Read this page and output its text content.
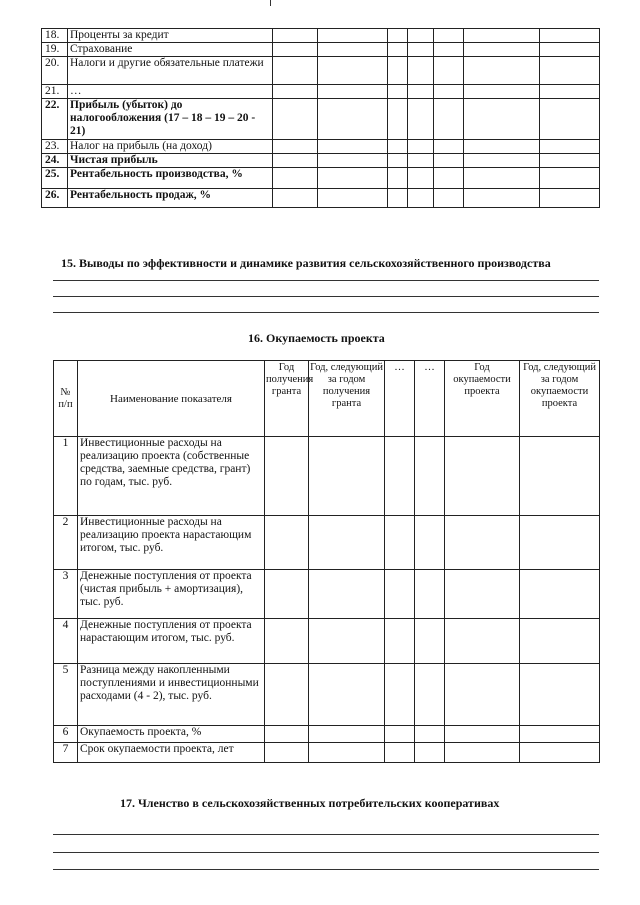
18.	Проценты за кредит							
19.	Страхование							
20.	Налоги и другие обязательные платежи							
21.	…							
22.	Прибыль (убыток) до налогообложения (17 – 18 – 19 – 20 - 21)							
23.	Налог на прибыль (на доход)							
24.	Чистая прибыль							
25.	Рентабельность производства, %							
26.	Рентабельность продаж, %							
15. Выводы по эффективности и динамике развития сельскохозяйственного производства
16. Окупаемость проекта
№ п/п	Наименование показателя	Год получения гранта	Год, следующий за годом получения гранта	…	…	Год окупаемости проекта	Год, следующий за годом окупаемости проекта
1	Инвестиционные расходы на реализацию проекта (собственные средства, заемные средства, грант) по годам, тыс. руб.						
2	Инвестиционные расходы на реализацию проекта нарастающим итогом, тыс. руб.						
3	Денежные поступления от проекта (чистая прибыль + амортизация), тыс. руб.						
4	Денежные поступления от проекта нарастающим итогом, тыс. руб.						
5	Разница между накопленными поступлениями и инвестиционными расходами (4 - 2), тыс. руб.						
6	Окупаемость проекта, %						
7	Срок окупаемости проекта, лет						
17. Членство в сельскохозяйственных потребительских кооперативах
